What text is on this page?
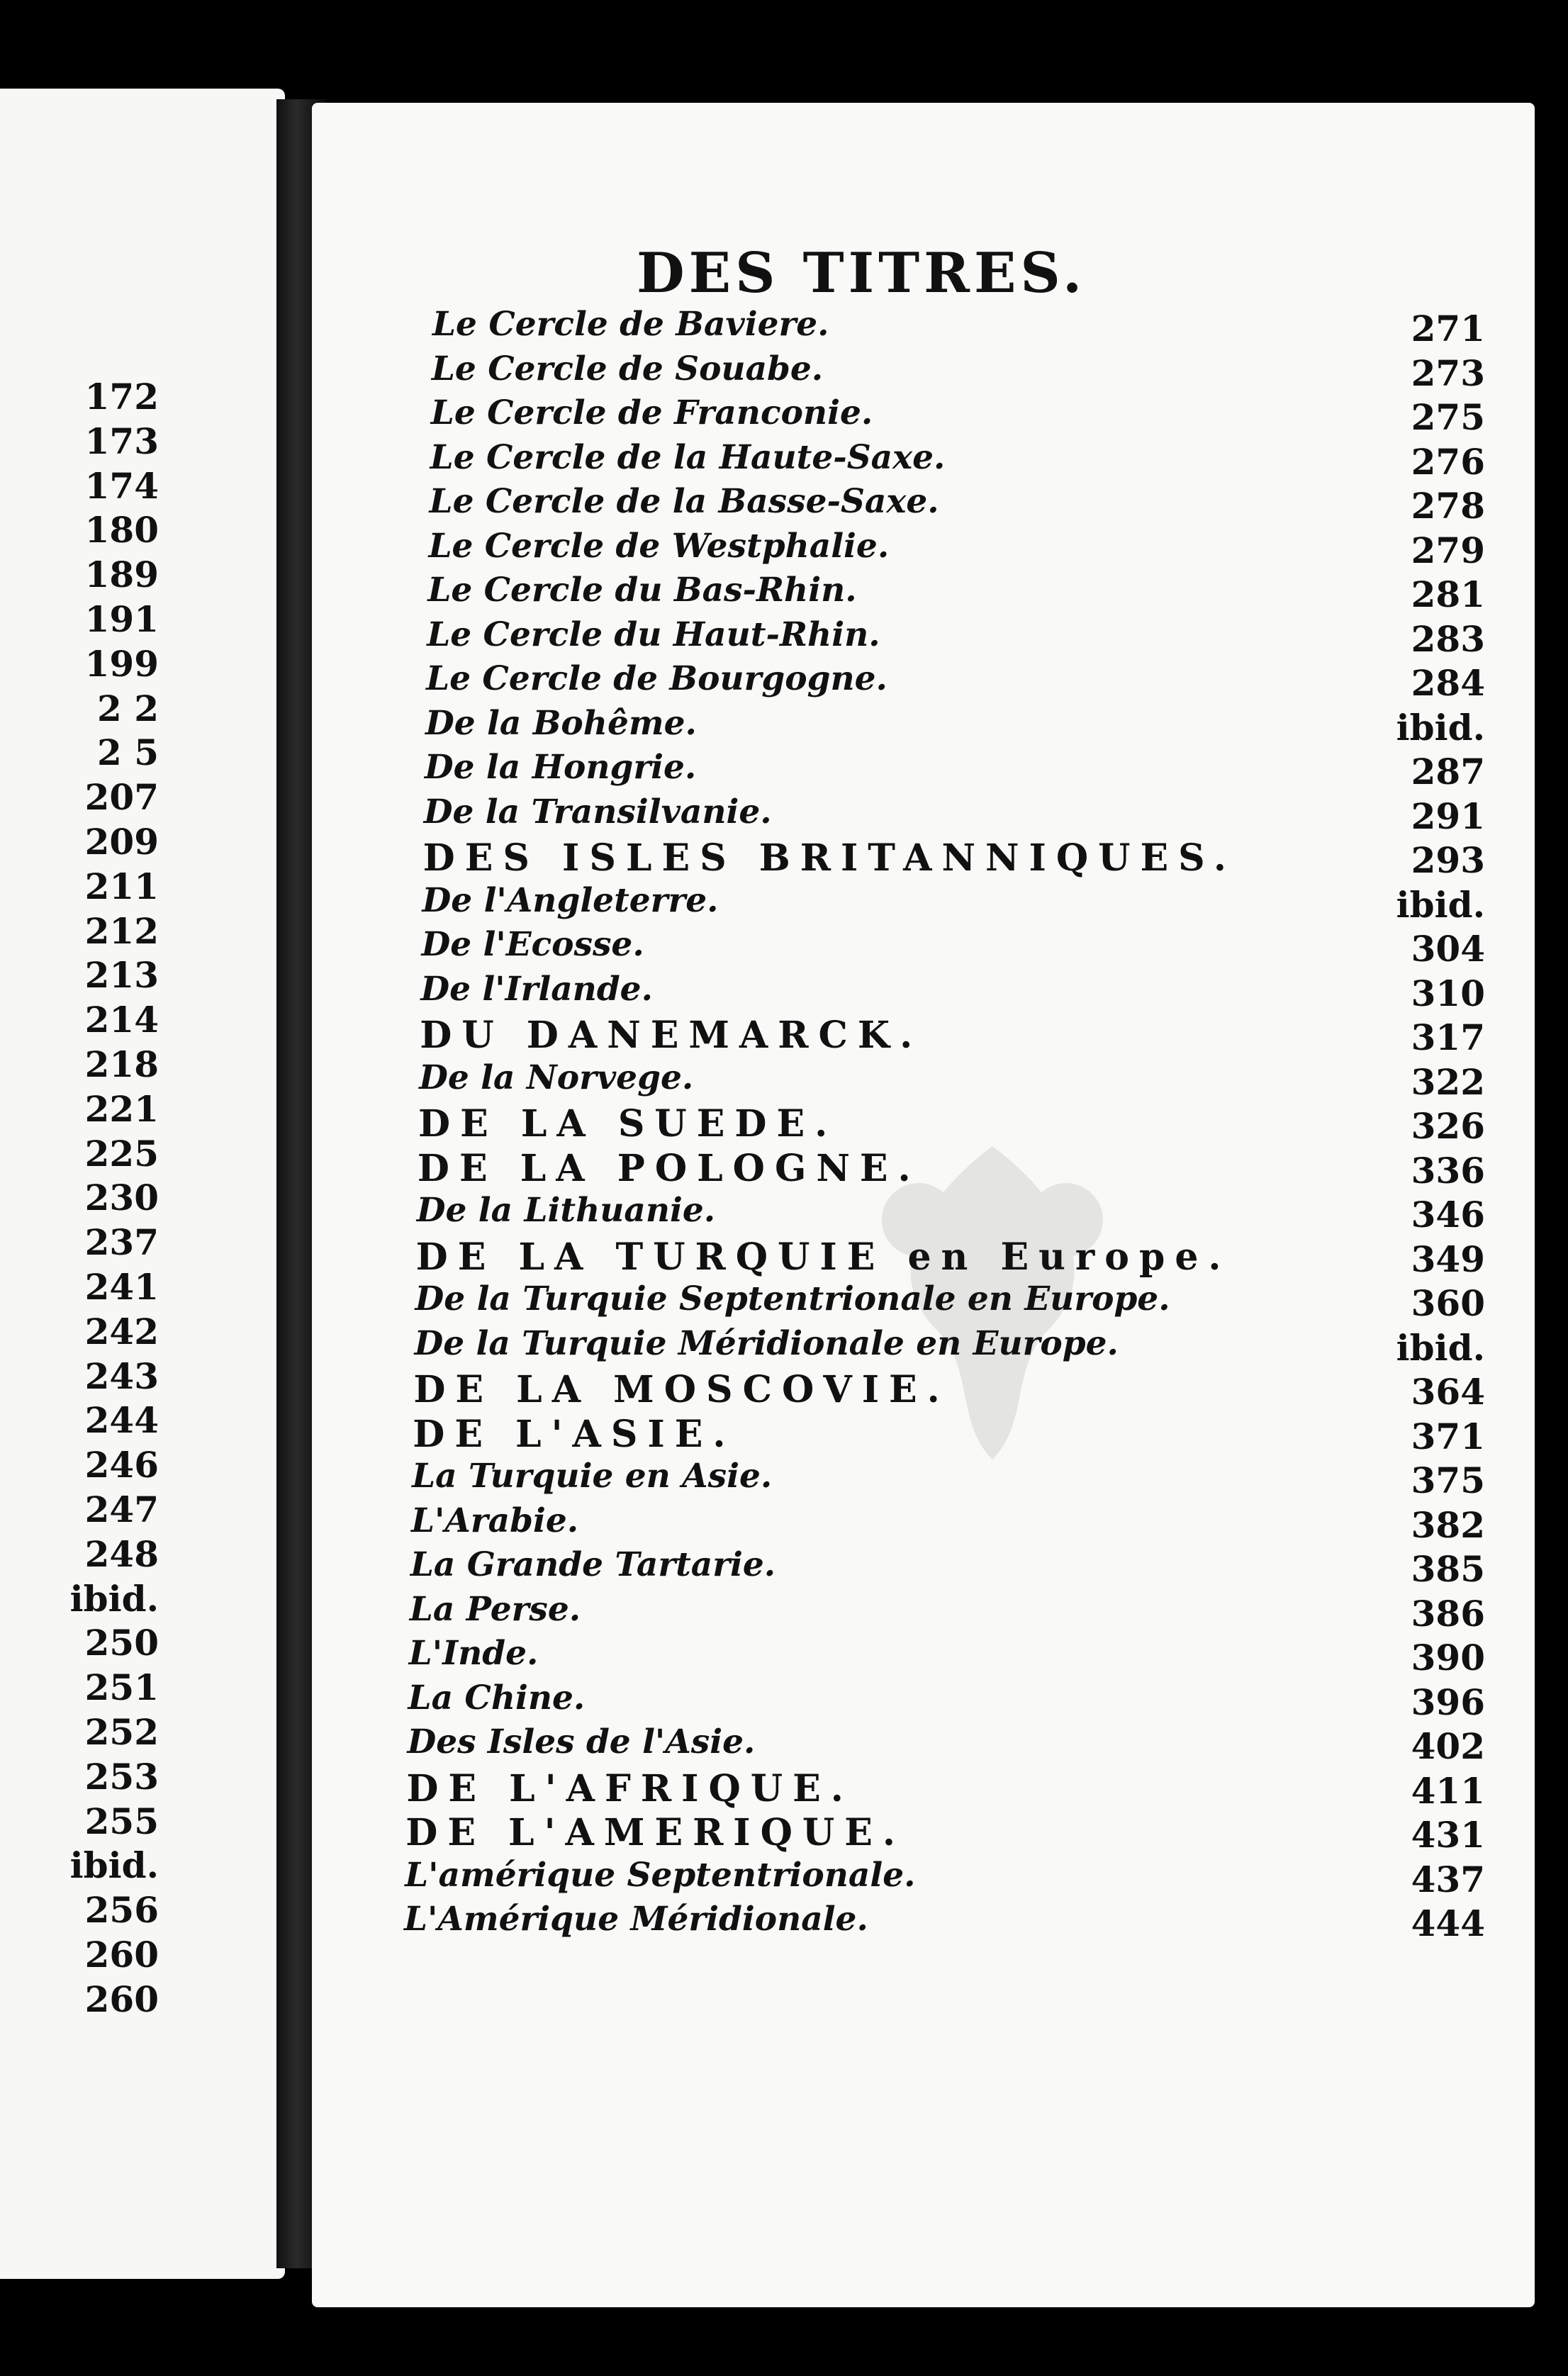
172
173
174
180
189
191
199
2 2
2 5
207
209
211
212
213
214
218
221
225
230
237
241
242
243
244
246
247
248
ibid.
250
251
252
253
255
ibid.
256
260
260
DES TITRES.
Le Cercle de Baviere.	271
Le Cercle de Souabe.	273
Le Cercle de Franconie.	275
Le Cercle de la Haute-Saxe.	276
Le Cercle de la Basse-Saxe.	278
Le Cercle de Westphalie.	279
Le Cercle du Bas-Rhin.	281
Le Cercle du Haut-Rhin.	283
Le Cercle de Bourgogne.	284
De la Bohême.	ibid.
De la Hongrie.	287
De la Transilvanie.	291
DES ISLES BRITANNIQUES.	293
De l'Angleterre.	ibid.
De l'Ecosse.	304
De l'Irlande.	310
DU DANEMARCK.	317
De la Norvege.	322
DE LA SUEDE.	326
DE LA POLOGNE.	336
De la Lithuanie.	346
DE LA TURQUIE en Europe.	349
De la Turquie Septentrionale en Europe.	360
De la Turquie Méridionale en Europe.	ibid.
DE LA MOSCOVIE.	364
DE L'ASIE.	371
La Turquie en Asie.	375
L'Arabie.	382
La Grande Tartarie.	385
La Perse.	386
L'Inde.	390
La Chine.	396
Des Isles de l'Asie.	402
DE L'AFRIQUE.	411
DE L'AMERIQUE.	431
L'amérique Septentrionale.	437
L'Amérique Méridionale.	444
